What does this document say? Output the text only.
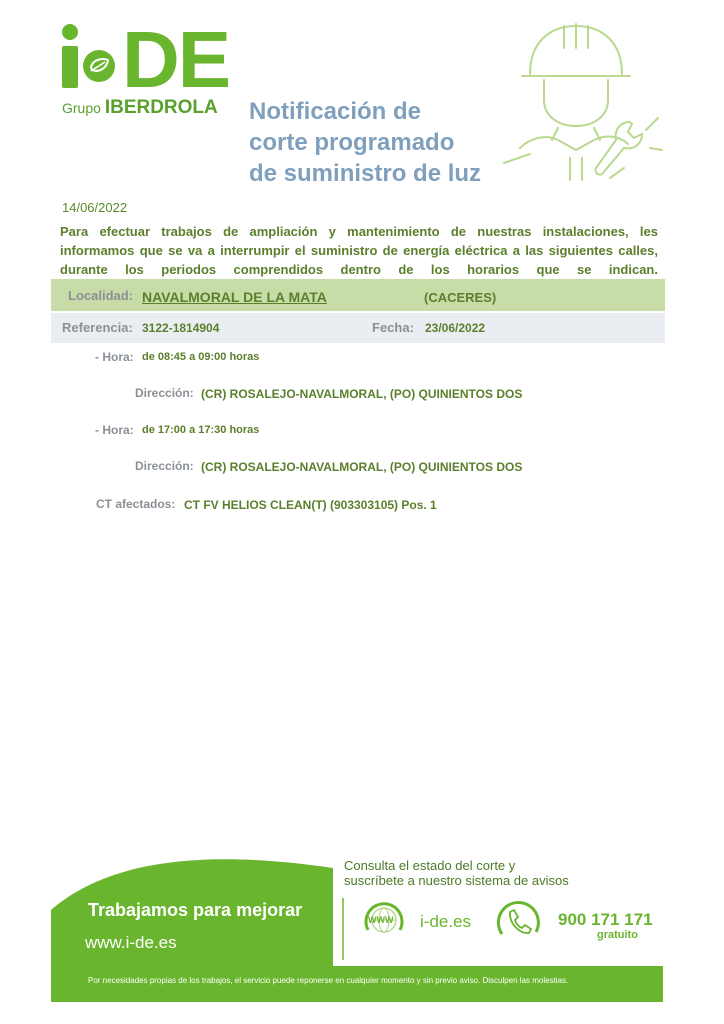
DE
Grupo IBERDROLA Notificación de
corte programado
de suministro de luz
14/06/2022
Para efectuar trabajos de ampliación y mantenimiento de nuestras instalaciones, les informamos que se va a interrumpir el suministro de energía eléctrica a las siguientes calles, durante los periodos comprendidos dentro de los horarios que se indican.
Localidad: NAVALMORAL DE LA MATA	(CACERES)
Referencia: 3122-1814904	Fecha: 23/06/2022
- Hora: de 08:45 a 09:00 horas
Dirección: (CR) ROSALEJO-NAVALMORAL, (PO) QUINIENTOS DOS
- Hora: de 17:00 a 17:30 horas
Dirección: (CR) ROSALEJO-NAVALMORAL, (PO) QUINIENTOS DOS
CT afectados: CT FV HELIOS CLEAN(T) (903303105) Pos. 1
WWW
Consulta el estado del corte y
suscríbete a nuestro sistema de avisos
Trabajamos para mejorar
www.i-de.es
i-de.es	900 171 171
gratuito
Por necesidades propias de los trabajos, el servicio puede reponerse en cualquier momento y sin previo aviso. Disculpen las molestias.
